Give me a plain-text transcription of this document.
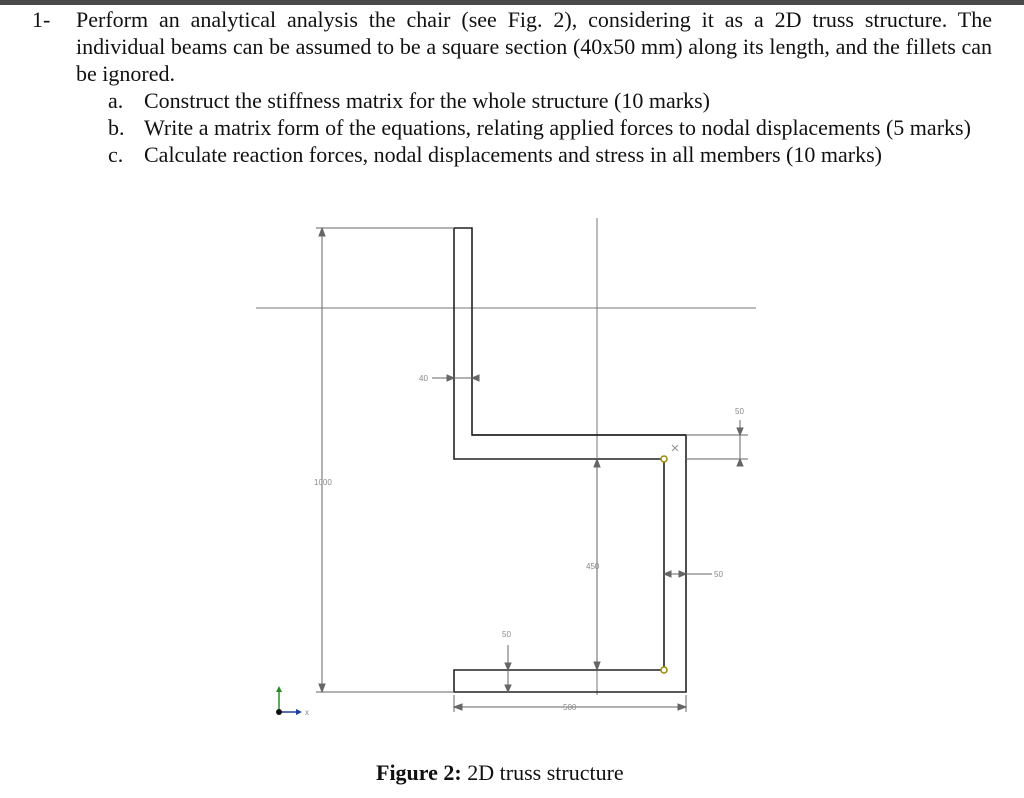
1- Perform an analytical analysis the chair (see Fig. 2), considering it as a 2D truss structure. The individual beams can be assumed to be a square section (40x50 mm) along its length, and the fillets can be ignored.
a. Construct the stiffness matrix for the whole structure (10 marks)
b. Write a matrix form of the equations, relating applied forces to nodal displacements (5 marks)
c. Calculate reaction forces, nodal displacements and stress in all members (10 marks)
40
1000
450
50
50
50
500
x
Figure 2: 2D truss structure
